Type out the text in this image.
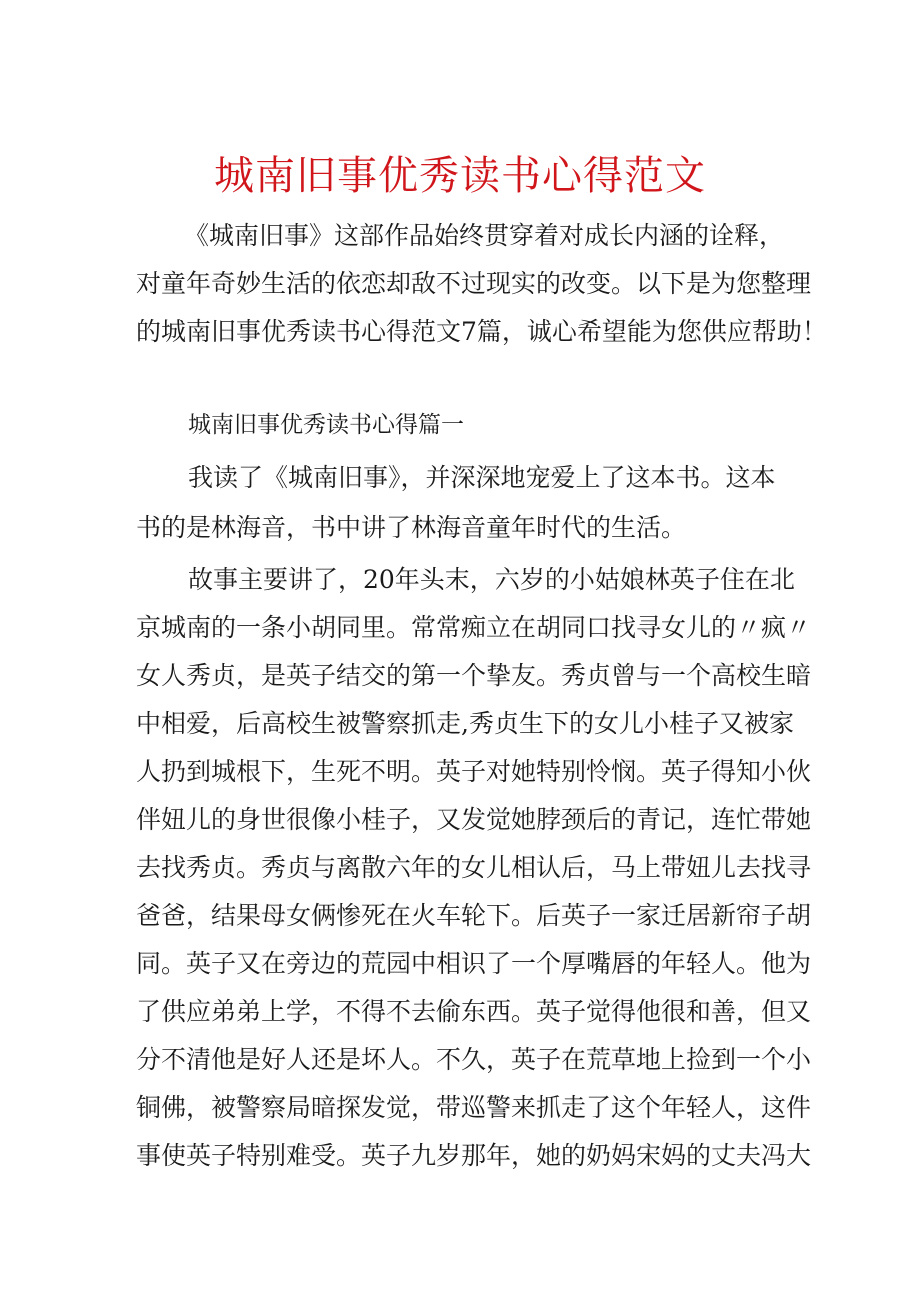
城南旧事优秀读书心得范文

《城南旧事》这部作品始终贯穿着对成长内涵的诠释，

对童年奇妙生活的依恋却敌不过现实的改变。以下是为您整理

的城南旧事优秀读书心得范文7篇，诚心希望能为您供应帮助！

城南旧事优秀读书心得篇一

我读了《城南旧事》，并深深地宠爱上了这本书。这本

书的是林海音，书中讲了林海音童年时代的生活。

故事主要讲了，20年头末，六岁的小姑娘林英子住在北

京城南的一条小胡同里。常常痴立在胡同口找寻女儿的〃疯〃

女人秀贞，是英子结交的第一个挚友。秀贞曾与一个高校生暗

中相爱，后高校生被警察抓走,秀贞生下的女儿小桂子又被家

人扔到城根下，生死不明。英子对她特别怜悯。英子得知小伙

伴妞儿的身世很像小桂子，又发觉她脖颈后的青记，连忙带她

去找秀贞。秀贞与离散六年的女儿相认后，马上带妞儿去找寻

爸爸，结果母女俩惨死在火车轮下。后英子一家迁居新帘子胡

同。英子又在旁边的荒园中相识了一个厚嘴唇的年轻人。他为

了供应弟弟上学，不得不去偷东西。英子觉得他很和善，但又

分不清他是好人还是坏人。不久，英子在荒草地上捡到一个小

铜佛，被警察局暗探发觉，带巡警来抓走了这个年轻人，这件

事使英子特别难受。英子九岁那年，她的奶妈宋妈的丈夫冯大
